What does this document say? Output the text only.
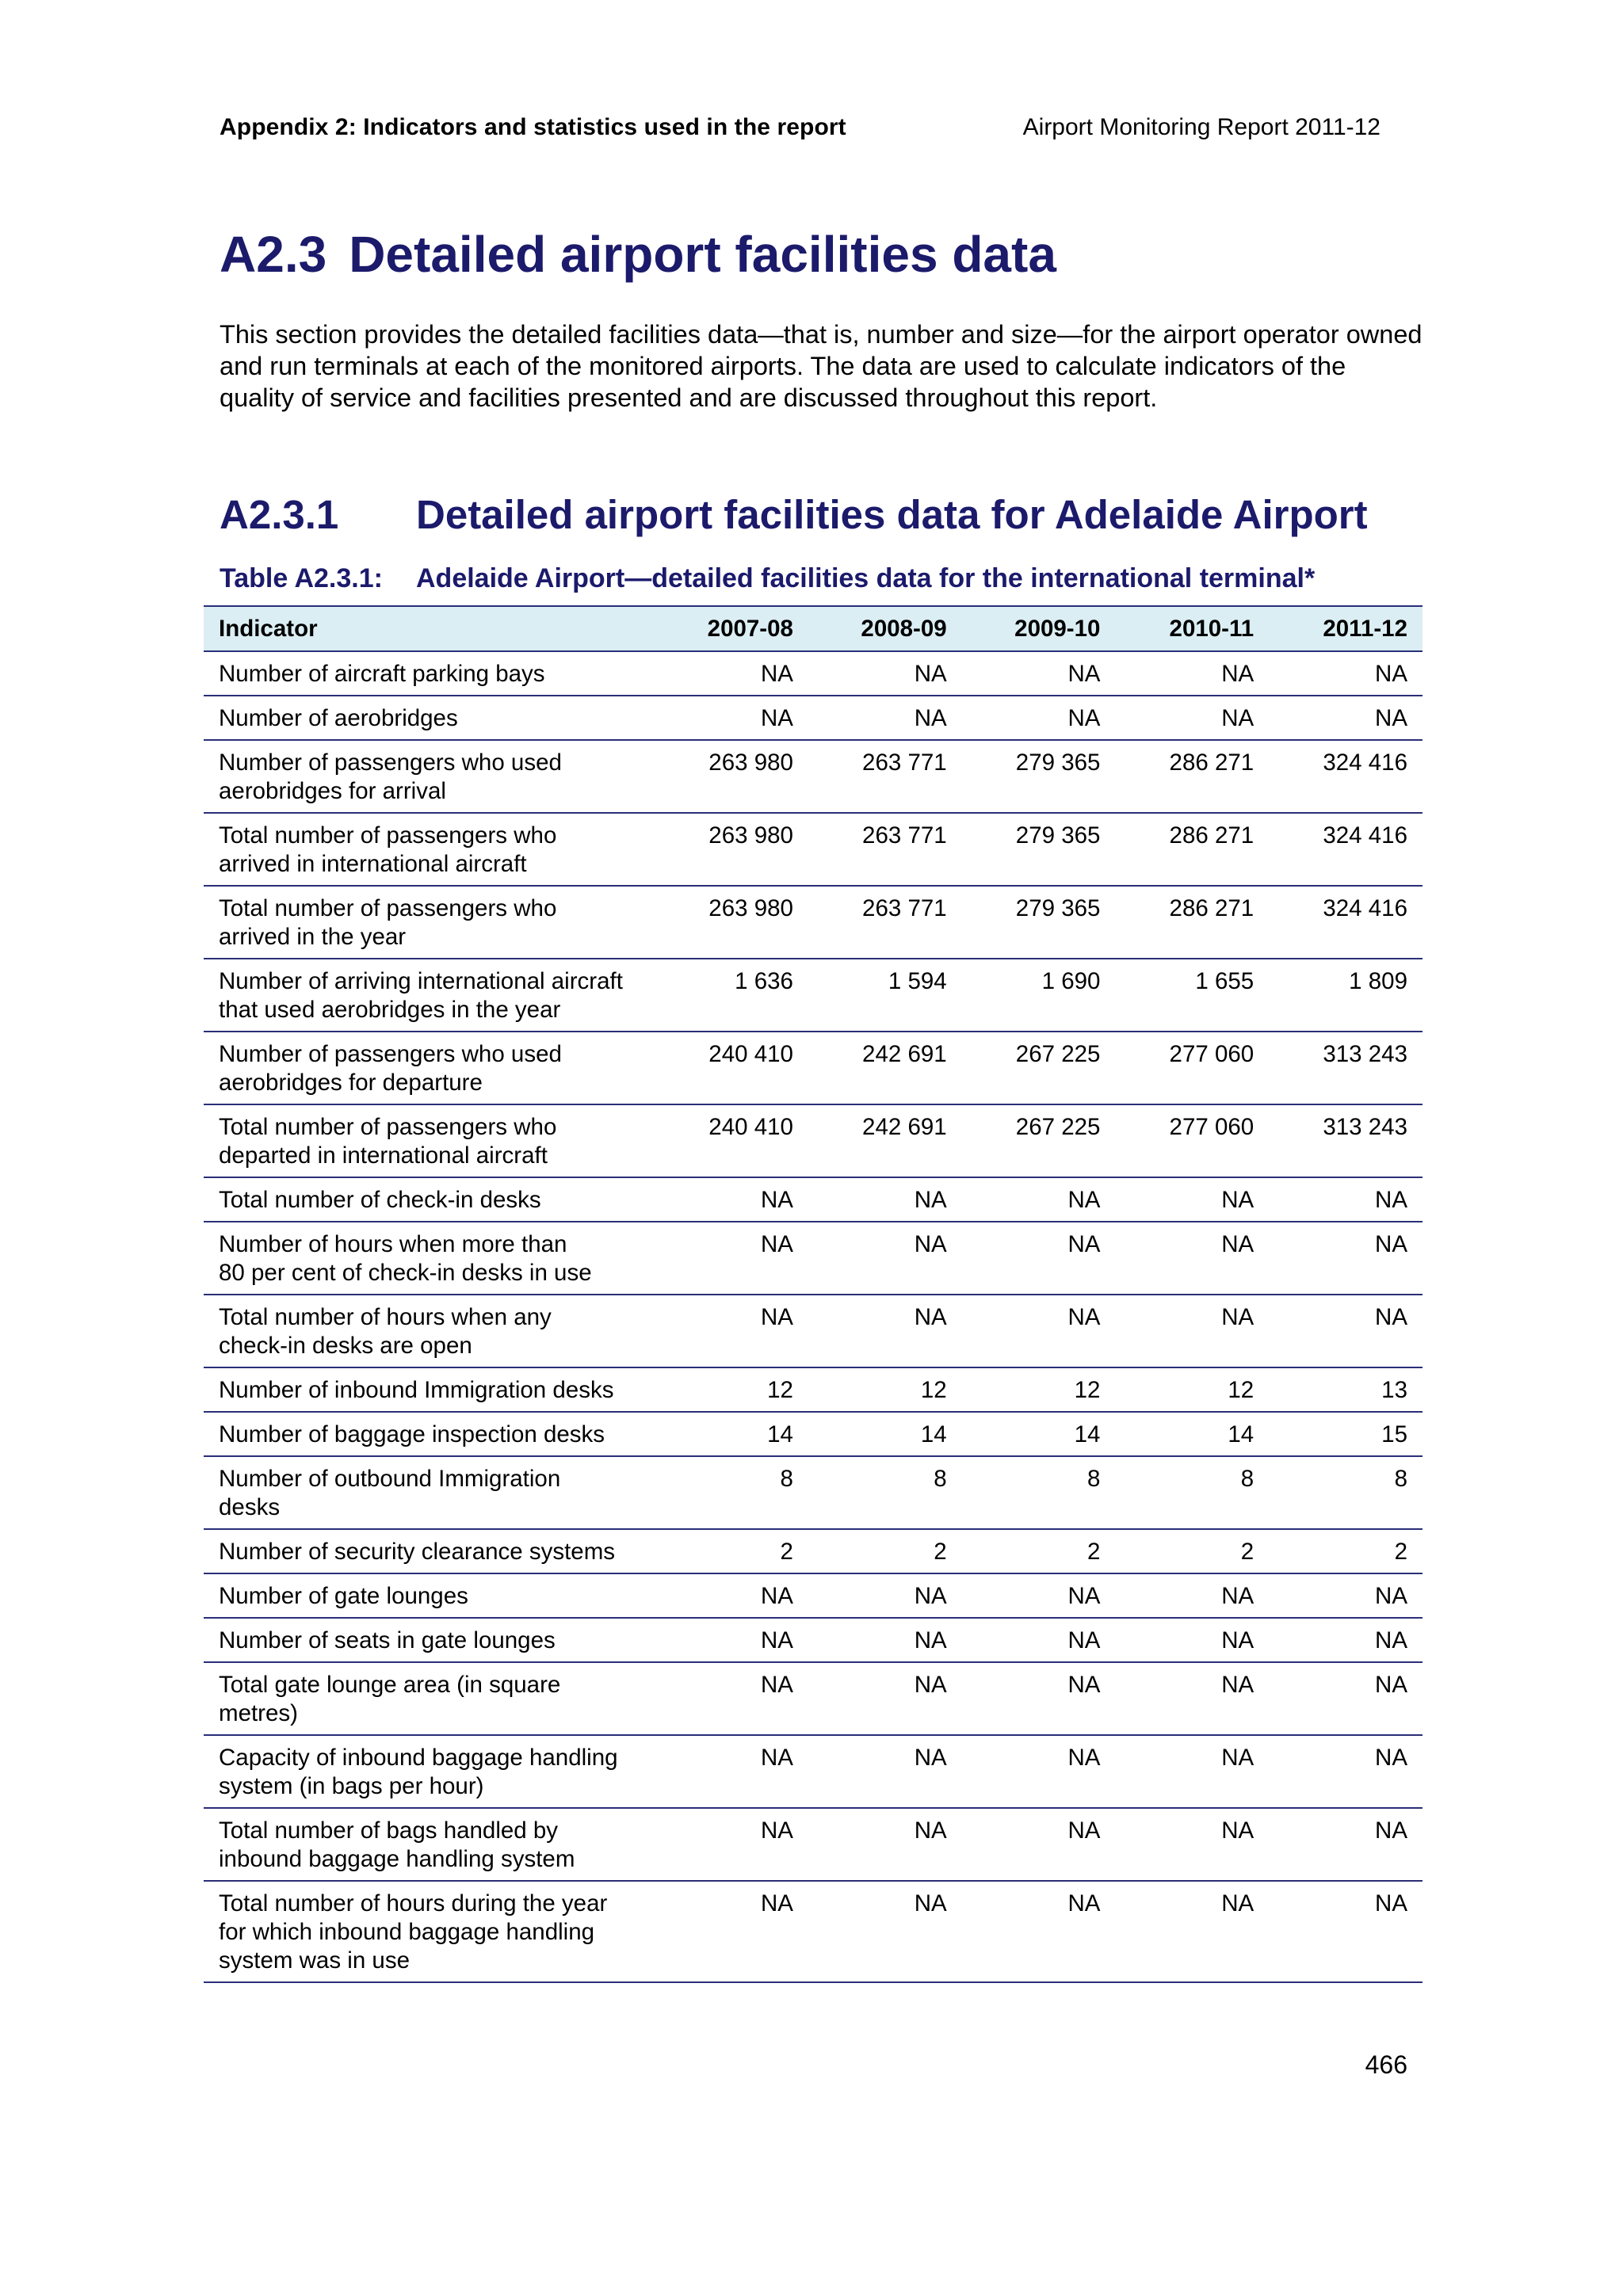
Appendix 2: Indicators and statistics used in the report	Airport Monitoring Report 2011-12
A2.3 Detailed airport facilities data
This section provides the detailed facilities data—that is, number and size—for the airport operator owned and run terminals at each of the monitored airports. The data are used to calculate indicators of the quality of service and facilities presented and are discussed throughout this report.
A2.3.1 Detailed airport facilities data for Adelaide Airport
Table A2.3.1: Adelaide Airport—detailed facilities data for the international terminal*
Indicator	2007-08	2008-09	2009-10	2010-11	2011-12
Number of aircraft parking bays	NA	NA	NA	NA	NA
Number of aerobridges	NA	NA	NA	NA	NA
Number of passengers who used
aerobridges for arrival	263 980	263 771	279 365	286 271	324 416
Total number of passengers who
arrived in international aircraft	263 980	263 771	279 365	286 271	324 416
Total number of passengers who
arrived in the year	263 980	263 771	279 365	286 271	324 416
Number of arriving international aircraft
that used aerobridges in the year	1 636	1 594	1 690	1 655	1 809
Number of passengers who used
aerobridges for departure	240 410	242 691	267 225	277 060	313 243
Total number of passengers who
departed in international aircraft	240 410	242 691	267 225	277 060	313 243
Total number of check-in desks	NA	NA	NA	NA	NA
Number of hours when more than
80 per cent of check-in desks in use	NA	NA	NA	NA	NA
Total number of hours when any
check-in desks are open	NA	NA	NA	NA	NA
Number of inbound Immigration desks	12	12	12	12	13
Number of baggage inspection desks	14	14	14	14	15
Number of outbound Immigration
desks	8	8	8	8	8
Number of security clearance systems	2	2	2	2	2
Number of gate lounges	NA	NA	NA	NA	NA
Number of seats in gate lounges	NA	NA	NA	NA	NA
Total gate lounge area (in square
metres)	NA	NA	NA	NA	NA
Capacity of inbound baggage handling
system (in bags per hour)	NA	NA	NA	NA	NA
Total number of bags handled by
inbound baggage handling system	NA	NA	NA	NA	NA
Total number of hours during the year
for which inbound baggage handling
system was in use	NA	NA	NA	NA	NA
466
